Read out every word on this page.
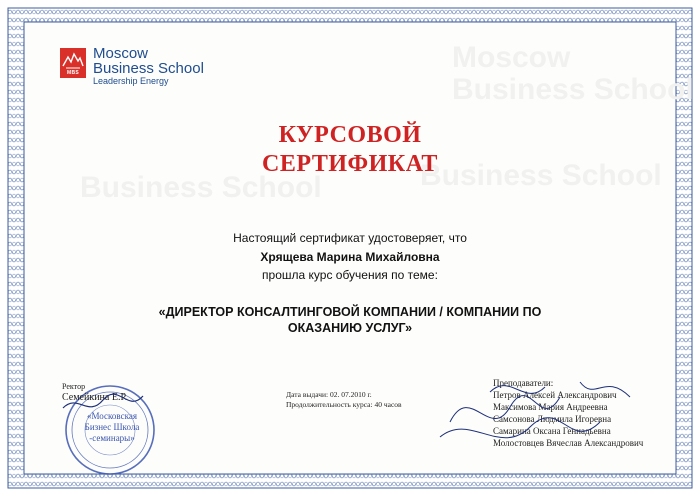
Moscow
Business School
Business School	Business School
MBS
Moscow
Business School
Leadership Energy
КУРСОВОЙ
СЕРТИФИКАТ
Настоящий сертификат удостоверяет, что
Хрящева Марина Михайловна
прошла курс обучения по теме:
«ДИРЕКТОР КОНСАЛТИНГОВОЙ КОМПАНИИ / КОМПАНИИ ПО
ОКАЗАНИЮ УСЛУГ»
Дата выдачи: 02. 07.2010 г.
Продолжительность курса: 40 часов
«Московская
Бизнес Школа
-семинары»
Ректор
Семейкина Е.Р.
Преподаватели:
Петров Алексей Александрович
Максимова Мария Андреевна
Самсонова Людмила Игоревна
Самарина Оксана Геннадьевна
Молостовцев Вячеслав Александрович
